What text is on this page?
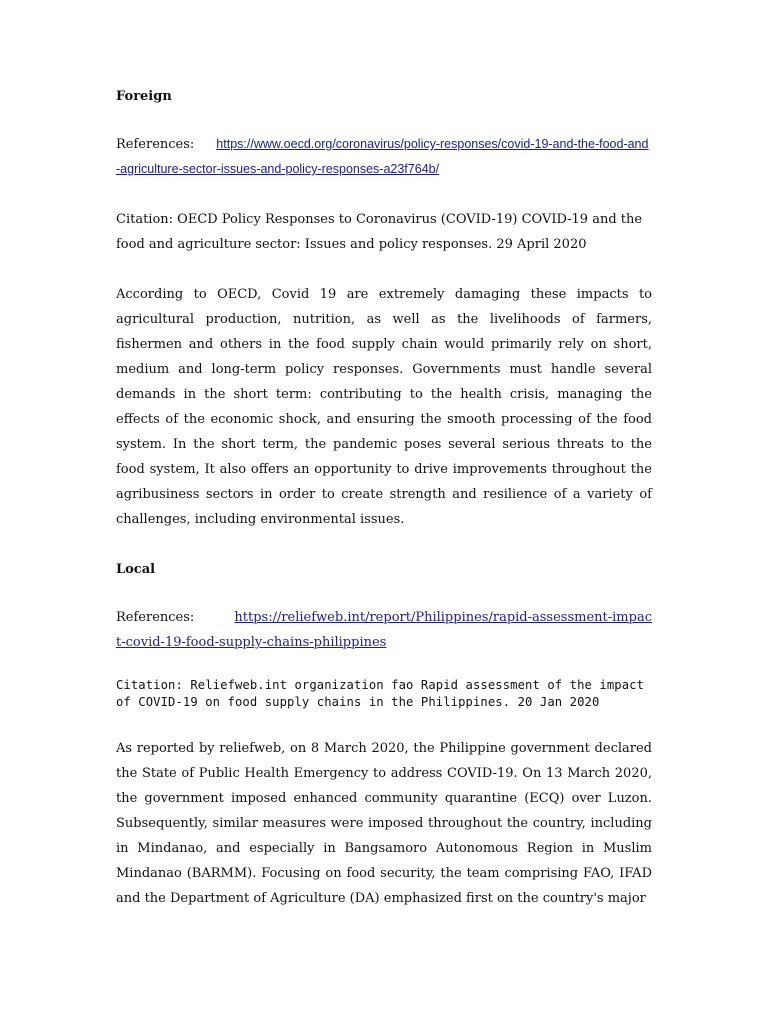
Foreign

References: https://www.oecd.org/coronavirus/policy-responses/covid-19-and-the-food-and-agriculture-sector-issues-and-policy-responses-a23f764b/

Citation: OECD Policy Responses to Coronavirus (COVID-19) COVID-19 and the food and agriculture sector: Issues and policy responses. 29 April 2020

According to OECD, Covid 19 are extremely damaging these impacts to agricultural production, nutrition, as well as the livelihoods of farmers, fishermen and others in the food supply chain would primarily rely on short, medium and long-term policy responses. Governments must handle several demands in the short term: contributing to the health crisis, managing the effects of the economic shock, and ensuring the smooth processing of the food system. In the short term, the pandemic poses several serious threats to the food system, It also offers an opportunity to drive improvements throughout the agribusiness sectors in order to create strength and resilience of a variety of challenges, including environmental issues.

Local

References:	https://reliefweb.int/report/Philippines/rapid-assessment-impact-covid-19-food-supply-chains-philippines

Citation: Reliefweb.int organization fao Rapid assessment of the impact of COVID-19 on food supply chains in the Philippines. 20 Jan 2020

As reported by reliefweb, on 8 March 2020, the Philippine government declared the State of Public Health Emergency to address COVID-19. On 13 March 2020, the government imposed enhanced community quarantine (ECQ) over Luzon. Subsequently, similar measures were imposed throughout the country, including in Mindanao, and especially in Bangsamoro Autonomous Region in Muslim Mindanao (BARMM). Focusing on food security, the team comprising FAO, IFAD and the Department of Agriculture (DA) emphasized first on the country's major
